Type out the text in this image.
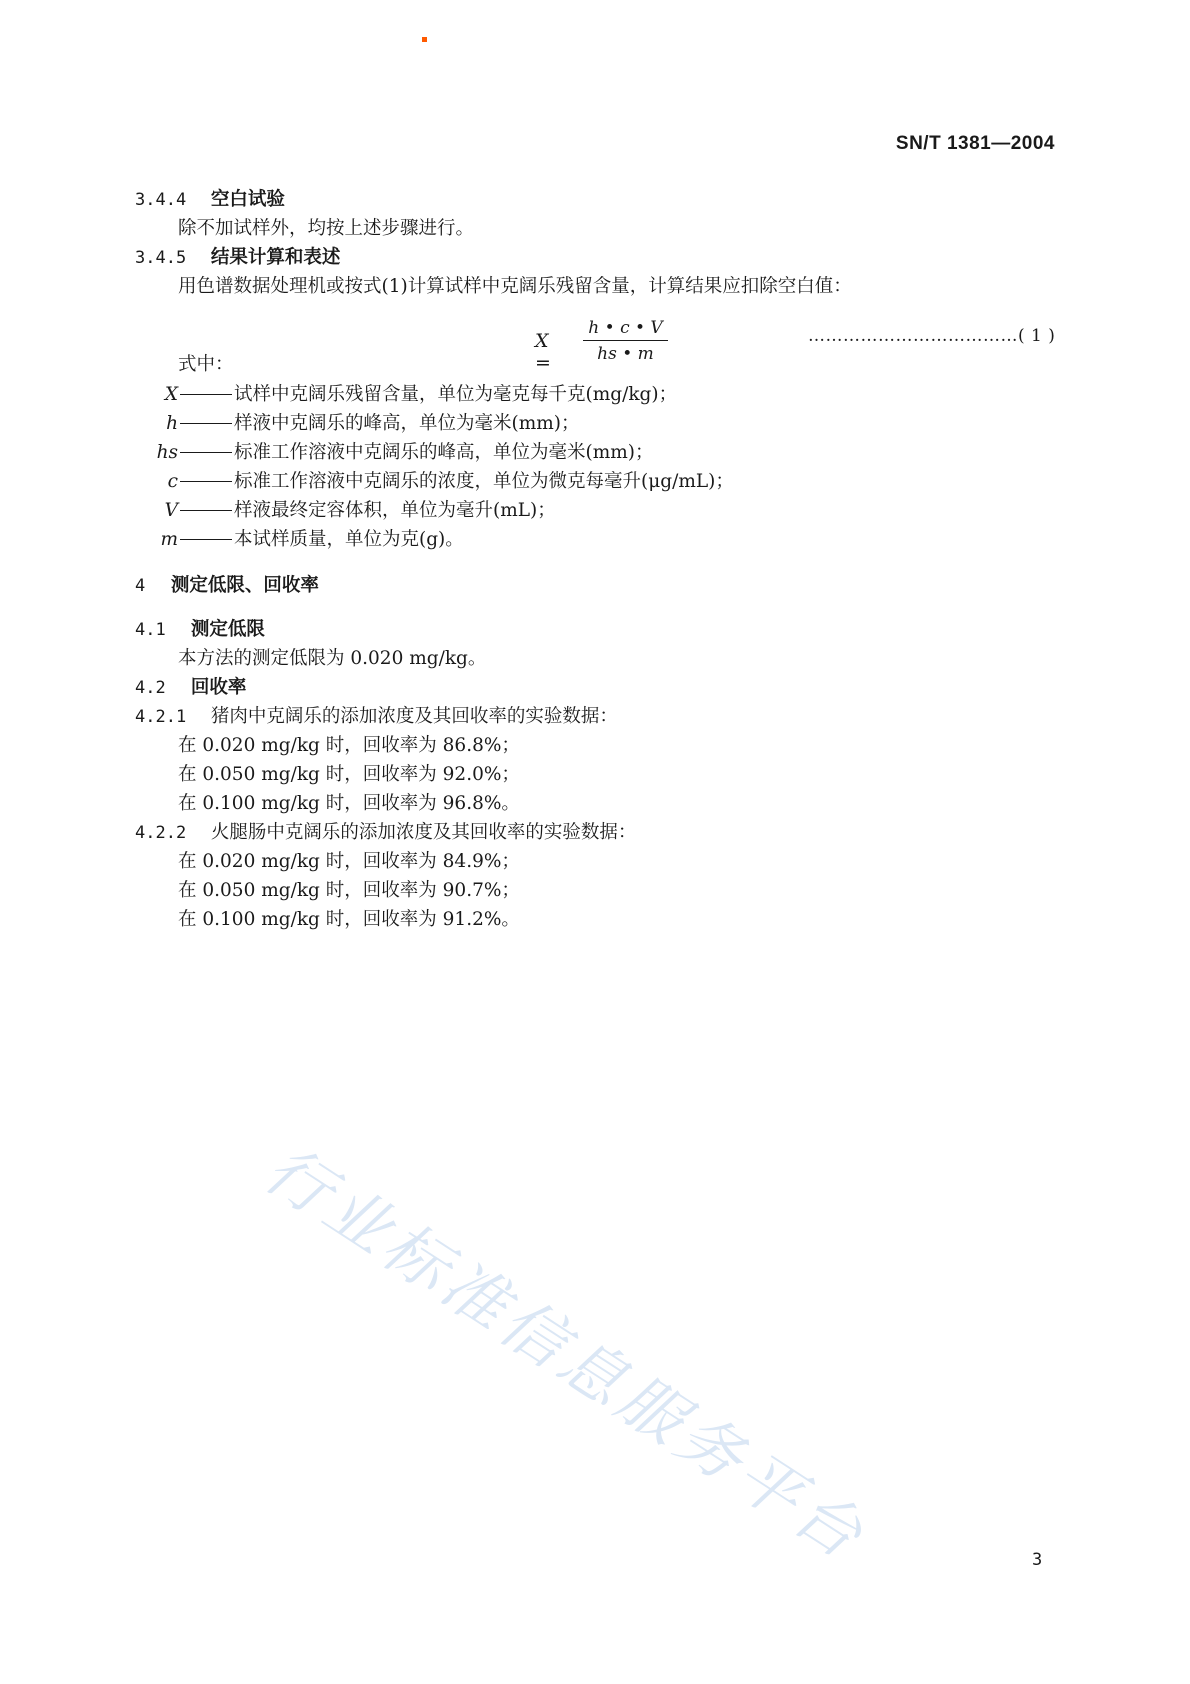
SN/T 1381—2004
3.4.4 空白试验
除不加试样外，均按上述步骤进行。
3.4.5 结果计算和表述
用色谱数据处理机或按式(1)计算试样中克阔乐残留含量，计算结果应扣除空白值：
$X = \frac{h • c • V}{hs • m}$	………………………………( 1 )
式中：
X	试样中克阔乐残留含量，单位为毫克每千克(mg/kg)；
h	样液中克阔乐的峰高，单位为毫米(mm)；
hs	标准工作溶液中克阔乐的峰高，单位为毫米(mm)；
c	标准工作溶液中克阔乐的浓度，单位为微克每毫升(μg/mL)；
V	样液最终定容体积，单位为毫升(mL)；
m	本试样质量，单位为克(g)。
4 测定低限、回收率
4.1 测定低限
本方法的测定低限为 0.020 mg/kg。
4.2 回收率
4.2.1 猪肉中克阔乐的添加浓度及其回收率的实验数据：
在 0.020 mg/kg 时，回收率为 86.8%；
在 0.050 mg/kg 时，回收率为 92.0%；
在 0.100 mg/kg 时，回收率为 96.8%。
4.2.2 火腿肠中克阔乐的添加浓度及其回收率的实验数据：
在 0.020 mg/kg 时，回收率为 84.9%；
在 0.050 mg/kg 时，回收率为 90.7%；
在 0.100 mg/kg 时，回收率为 91.2%。
行业标准信息服务平台	3
